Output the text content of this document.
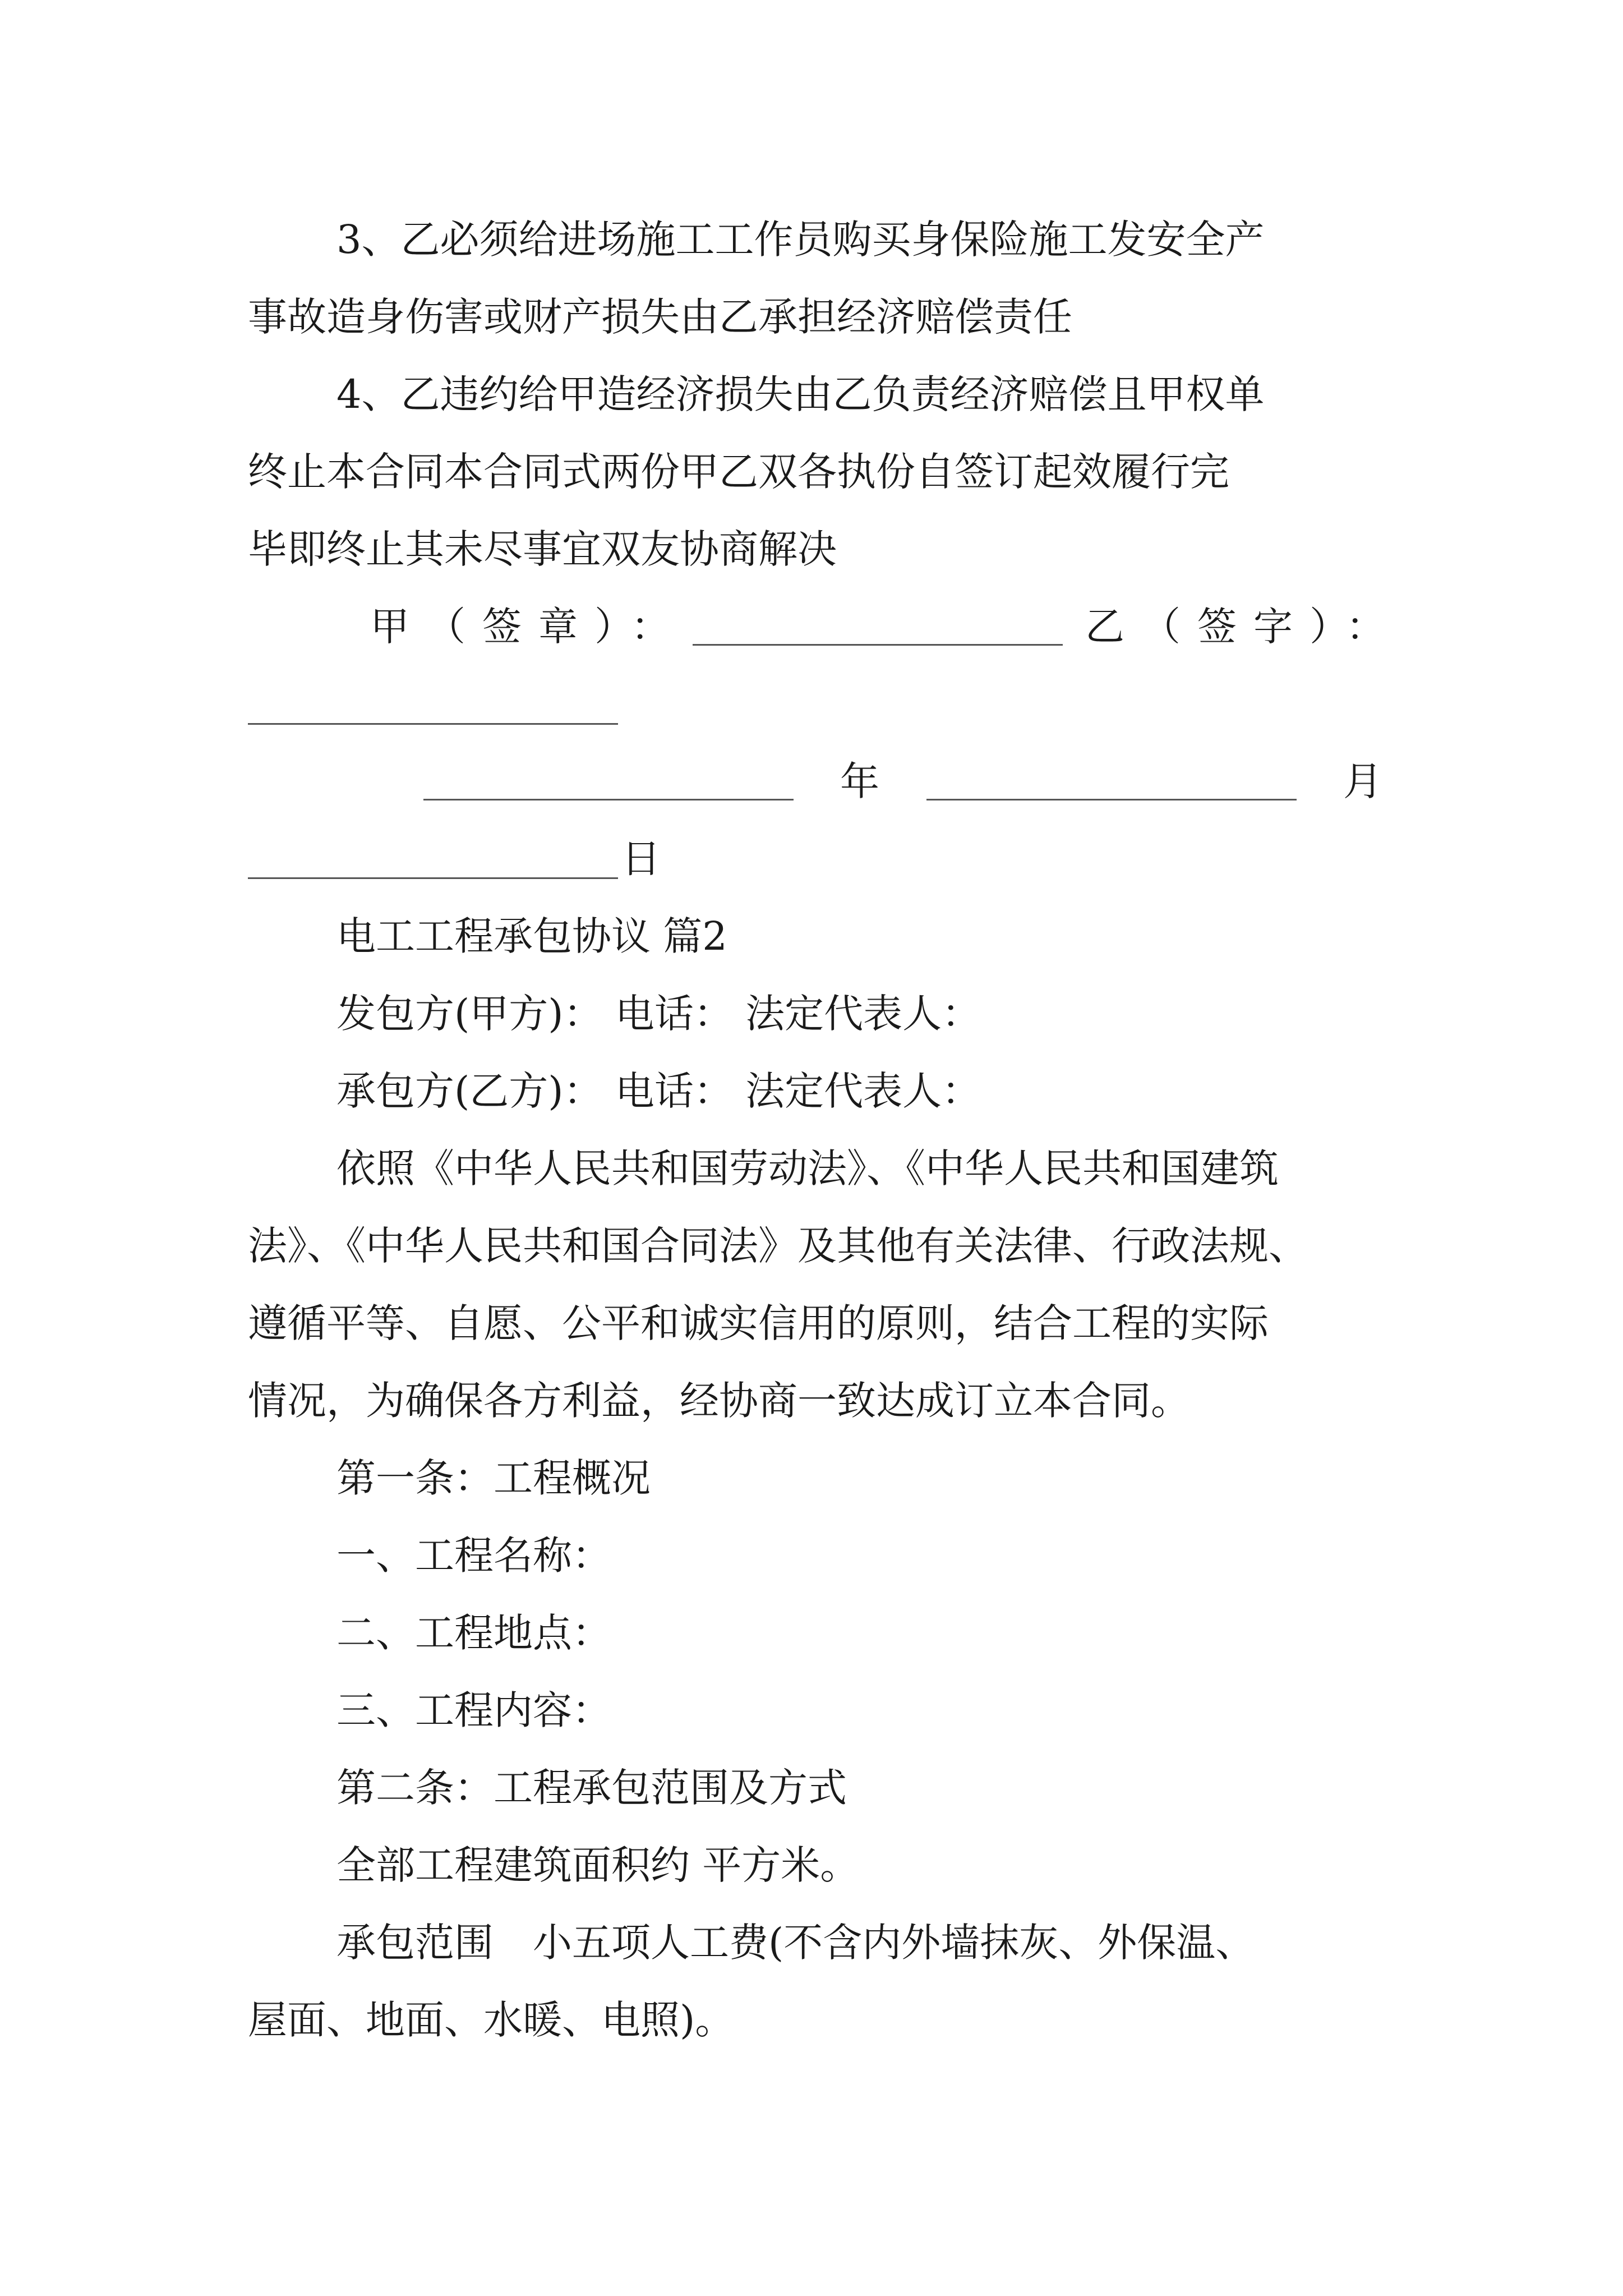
3、乙必须给进场施工工作员购买身保险施工发安全产
事故造身伤害或财产损失由乙承担经济赔偿责任
4、乙违约给甲造经济损失由乙负责经济赔偿且甲权单
终止本合同本合同式两份甲乙双各执份自签订起效履行完
毕即终止其未尽事宜双友协商解决
甲（签章）：	乙（签字）：
年	月
日
电工工程承包协议 篇2
发包方(甲方)： 电话： 法定代表人：
承包方(乙方)： 电话： 法定代表人：
依照《中华人民共和国劳动法》、《中华人民共和国建筑
法》、《中华人民共和国合同法》及其他有关法律、行政法规、
遵循平等、自愿、公平和诚实信用的原则，结合工程的实际
情况，为确保各方利益，经协商一致达成订立本合同。
第一条：工程概况
一、工程名称：
二、工程地点：
三、工程内容：
第二条：工程承包范围及方式
全部工程建筑面积约 平方米。
承包范围　小五项人工费(不含内外墙抹灰、外保温、
屋面、地面、水暖、电照)。
